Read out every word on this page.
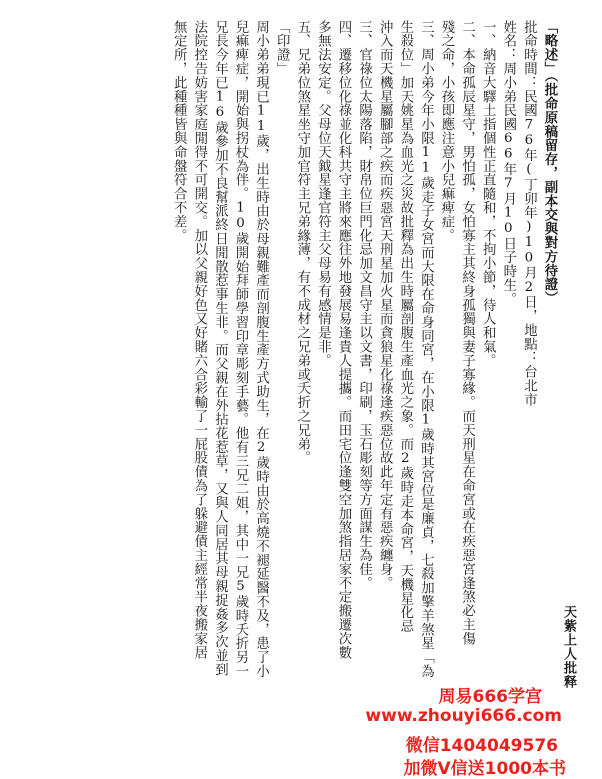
「略述」（批命原稿留存，副本交與對方待證）
批命時間：民國76年(丁卯年)10月2日，地點：台北市
姓名：周小弟民國66年7月10日子時生。
一、納音大驛土指個性正直隨和，不拘小節，待人和氣。
二、本命孤辰星守，男怕孤，女怕寡主其終身孤獨與妻子寡緣。而天刑星在命宮或在疾惡宮逢煞必主傷
殘之命，小孩即應注意小兒痲痺症。
三、周小弟今年小限11歲走子女宮而大限在命身同宮，在小限1歲時其宮位是廉貞，七殺加擎羊煞星「為
生殺位」加天姚星為血光之災故批釋為出生時屬剖腹生產血光之象。而2歲時走本命宮，天機星化忌
沖入而天機星屬腳部之疾而疾惡宮天刑星加火星而貪狼星化祿逢疾惡位故此年定有惡疾纏身。
三、官祿位太陽落陷，財帛位巨門化忌加文昌守主以文書，印刷，玉石彫刻等方面謀生為佳。
四、遷移位化祿並化科共守主將來應往外地發展易逢貴人提攜。而田宅位逢雙空加煞指居家不定搬遷次數
多無法安定。父母位天鉞星逢官符主父母易有感情是非。
五、兄弟位煞星坐守加官符主兄弟緣薄，有不成材之兄弟或夭折之兄弟。
「印證」
周小弟弟現已11歲，出生時由於母親難產而剖腹生產方式助生，在2歲時由於高燒不褪延醫不及，患了小
兒痲痺症，開始與拐杖為伴。10歲開始拜師學習印章彫刻手藝。他有三兄二姐，其中一兄5歲時夭折另一
兄長今年已16歲參加不良幫派終日閒散惹事生非。而父親在外拈花惹草，又與人同居其母親捉姦多次並到
法院控告妨害家庭閒得不可開交。加以父親好色又好賭六合彩輸了一屁股債為了躲避債主經常半夜搬家居
無定所，此種種皆與命盤符合不差。
天紫上人批释
周易666学宫
www.zhouyi666.com
微信1404049576
加微V信送1000本书
